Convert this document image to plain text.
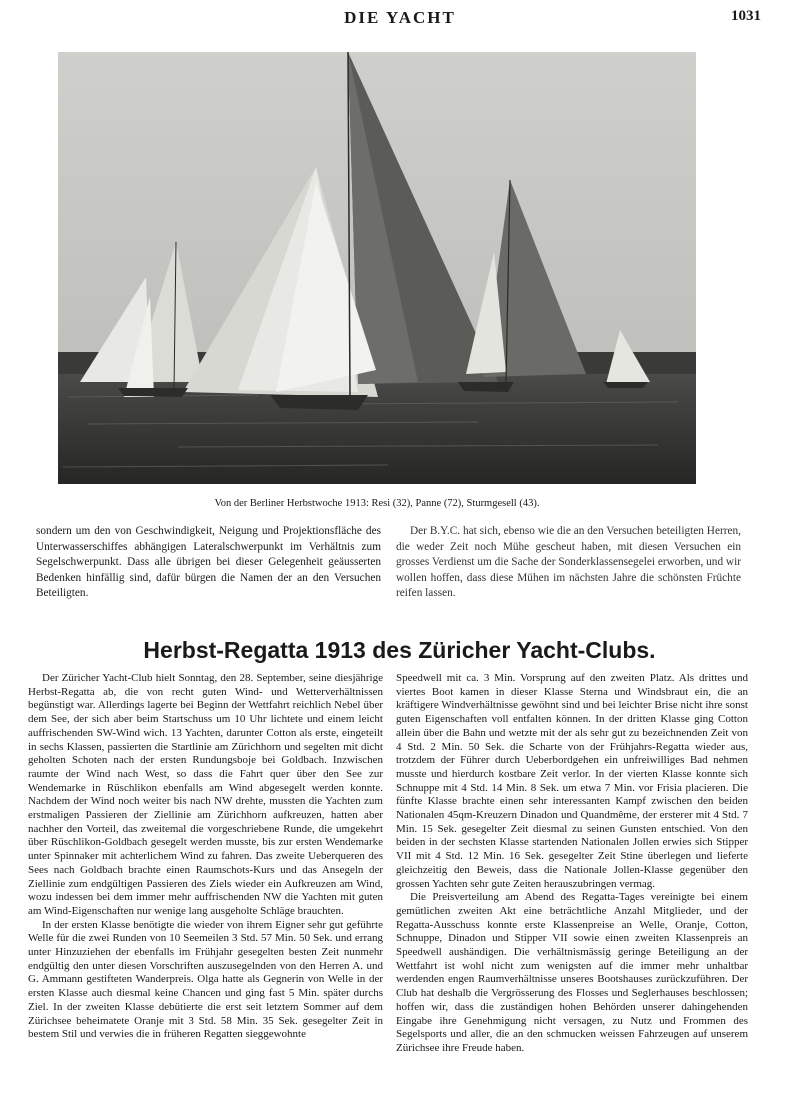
DIE YACHT	1031
Von der Berliner Herbstwoche 1913: Resi (32), Panne (72), Sturmgesell (43).

sondern um den von Geschwindigkeit, Neigung und Projektionsfläche des Unterwasserschiffes abhängigen Lateralschwerpunkt im Verhältnis zum Segelschwerpunkt. Dass alle übrigen bei dieser Gelegenheit geäusserten Bedenken hinfällig sind, dafür bürgen die Namen der an den Versuchen Beteiligten.

Der B.Y.C. hat sich, ebenso wie die an den Versuchen beteiligten Herren, die weder Zeit noch Mühe gescheut haben, mit diesen Versuchen ein grosses Verdienst um die Sache der Sonderklassensegelei erworben, und wir wollen hoffen, dass diese Mühen im nächsten Jahre die schönsten Früchte reifen lassen.

Herbst-Regatta 1913 des Züricher Yacht-Clubs.

Der Züricher Yacht-Club hielt Sonntag, den 28. September, seine diesjährige Herbst-Regatta ab, die von recht guten Wind- und Wetterverhältnissen begünstigt war. Allerdings lagerte bei Beginn der Wettfahrt reichlich Nebel über dem See, der sich aber beim Startschuss um 10 Uhr lichtete und einem leicht auffrischenden SW-Wind wich. 13 Yachten, darunter Cotton als erste, eingeteilt in sechs Klassen, passierten die Startlinie am Zürichhorn und segelten mit dicht geholten Schoten nach der ersten Rundungsboje bei Goldbach. Inzwischen raumte der Wind nach West, so dass die Fahrt quer über den See zur Wendemarke in Rüschlikon ebenfalls am Wind abgesegelt werden konnte. Nachdem der Wind noch weiter bis nach NW drehte, mussten die Yachten zum erstmaligen Passieren der Ziellinie am Zürichhorn aufkreuzen, hatten aber nachher den Vorteil, das zweitemal die vorgeschriebene Runde, die umgekehrt über Rüschlikon-Goldbach gesegelt werden musste, bis zur ersten Wendemarke unter Spinnaker mit achterlichem Wind zu fahren. Das zweite Ueberqueren des Sees nach Goldbach brachte einen Raumschots-Kurs und das Ansegeln der Ziellinie zum endgültigen Passieren des Ziels wieder ein Aufkreuzen am Wind, wozu indessen bei dem immer mehr auffrischenden NW die Yachten mit guten am Wind-Eigenschaften nur wenige lang ausgeholte Schläge brauchten.

In der ersten Klasse benötigte die wieder von ihrem Eigner sehr gut geführte Welle für die zwei Runden von 10 Seemeilen 3 Std. 57 Min. 50 Sek. und errang unter Hinzuziehen der ebenfalls im Frühjahr gesegelten besten Zeit nunmehr endgültig den unter diesen Vorschriften auszusegelnden von den Herren A. und G. Ammann gestifteten Wanderpreis. Olga hatte als Gegnerin von Welle in der ersten Klasse auch diesmal keine Chancen und ging fast 5 Min. später durchs Ziel. In der zweiten Klasse debütierte die erst seit letztem Sommer auf dem Zürichsee beheimatete Oranje mit 3 Std. 58 Min. 35 Sek. gesegelter Zeit in bestem Stil und verwies die in früheren Regatten sieggewohnte

Speedwell mit ca. 3 Min. Vorsprung auf den zweiten Platz. Als drittes und viertes Boot kamen in dieser Klasse Sterna und Windsbraut ein, die an kräftigere Windverhältnisse gewöhnt sind und bei leichter Brise nicht ihre sonst guten Eigenschaften voll entfalten können. In der dritten Klasse ging Cotton allein über die Bahn und wetzte mit der als sehr gut zu bezeichnenden Zeit von 4 Std. 2 Min. 50 Sek. die Scharte von der Frühjahrs-Regatta wieder aus, trotzdem der Führer durch Ueberbordgehen ein unfreiwilliges Bad nehmen musste und hierdurch kostbare Zeit verlor. In der vierten Klasse konnte sich Schnuppe mit 4 Std. 14 Min. 8 Sek. um etwa 7 Min. vor Frisia placieren. Die fünfte Klasse brachte einen sehr interessanten Kampf zwischen den beiden Nationalen 45qm-Kreuzern Dinadon und Quandmême, der ersterer mit 4 Std. 7 Min. 15 Sek. gesegelter Zeit diesmal zu seinen Gunsten entschied. Von den beiden in der sechsten Klasse startenden Nationalen Jollen erwies sich Stipper VII mit 4 Std. 12 Min. 16 Sek. gesegelter Zeit Stine überlegen und lieferte gleichzeitig den Beweis, dass die Nationale Jollen-Klasse gegenüber den grossen Yachten sehr gute Zeiten herauszubringen vermag.

Die Preisverteilung am Abend des Regatta-Tages vereinigte bei einem gemütlichen zweiten Akt eine beträchtliche Anzahl Mitglieder, und der Regatta-Ausschuss konnte erste Klassenpreise an Welle, Oranje, Cotton, Schnuppe, Dinadon und Stipper VII sowie einen zweiten Klassenpreis an Speedwell aushändigen. Die verhältnismässig geringe Beteiligung an der Wettfahrt ist wohl nicht zum wenigsten auf die immer mehr unhaltbar werdenden engen Raumverhältnisse unseres Bootshauses zurückzuführen. Der Club hat deshalb die Vergrösserung des Flosses und Seglerhauses beschlossen; hoffen wir, dass die zuständigen hohen Behörden unserer dahingehenden Eingabe ihre Genehmigung nicht versagen, zu Nutz und Frommen des Segelsports und aller, die an den schmucken weissen Fahrzeugen auf unserem Zürichsee ihre Freude haben.
